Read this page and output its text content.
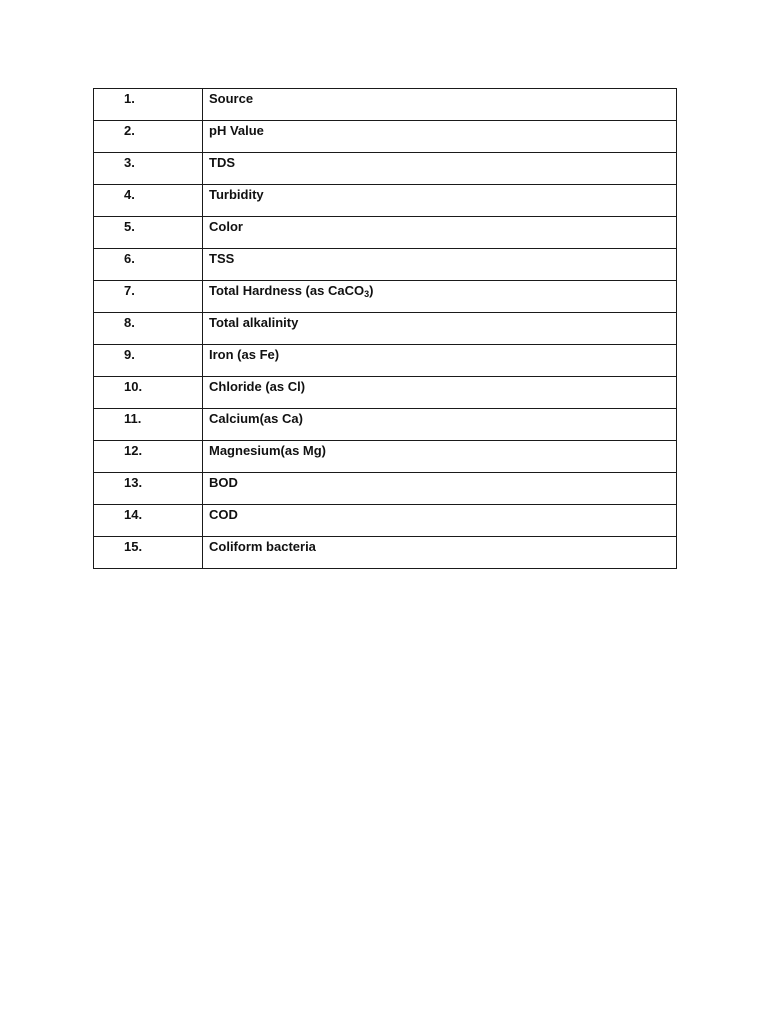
1.	Source
2.	pH Value
3.	TDS
4.	Turbidity
5.	Color
6.	TSS
7.	Total Hardness (as CaCO$_3$)
8.	Total alkalinity
9.	Iron (as Fe)
10.	Chloride (as Cl)
11.	Calcium(as Ca)
12.	Magnesium(as Mg)
13.	BOD
14.	COD
15.	Coliform bacteria
